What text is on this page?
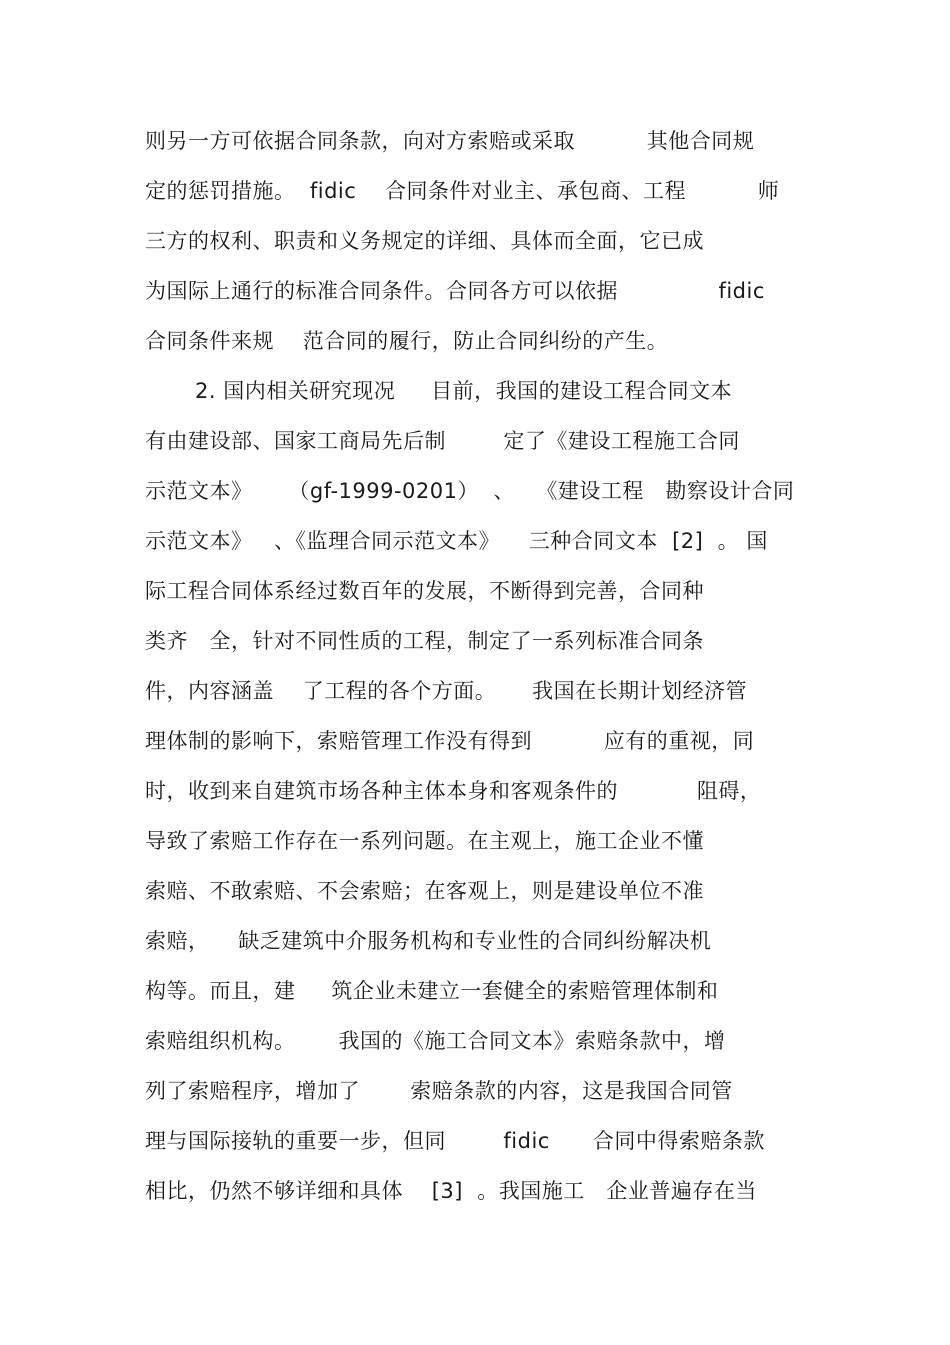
则另一方可依据合同条款，向对方索赔或采取          其他合同规
定的惩罚措施。  fidic    合同条件对业主、承包商、工程          师
三方的权利、职责和义务规定的详细、具体而全面，它已成
为国际上通行的标准合同条件。合同各方可以依据              fidic
合同条件来规    范合同的履行，防止合同纠纷的产生。
2. 国内相关研究现况     目前，我国的建设工程合同文本
有由建设部、国家工商局先后制        定了《建设工程施工合同
示范文本》     （gf-1999-0201）  、   《建设工程   勘察设计合同
示范文本》   、《监理合同示范文本》    三种合同文本  [2]  。 国
际工程合同体系经过数百年的发展，不断得到完善，合同种
类齐   全，针对不同性质的工程，制定了一系列标准合同条
件，内容涵盖    了工程的各个方面。     我国在长期计划经济管
理体制的影响下，索赔管理工作没有得到          应有的重视，同
时，收到来自建筑市场各种主体本身和客观条件的           阻碍，
导致了索赔工作存在一系列问题。在主观上，施工企业不懂
索赔、不敢索赔、不会索赔；在客观上，则是建设单位不准
索赔，    缺乏建筑中介服务机构和专业性的合同纠纷解决机
构等。而且，建     筑企业未建立一套健全的索赔管理体制和
索赔组织机构。      我国的《施工合同文本》索赔条款中，增
列了索赔程序，增加了       索赔条款的内容，这是我国合同管
理与国际接轨的重要一步，但同        fidic      合同中得索赔条款
相比，仍然不够详细和具体    [3]  。我国施工   企业普遍存在当
